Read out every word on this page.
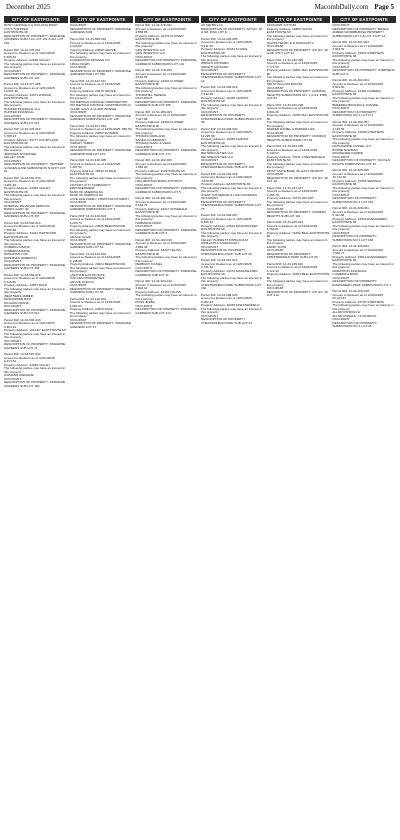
December 2025	MacombDaily.com Page 5
CITY OF EASTPOINTE
BUSH GEORGE C & HAILLING BUSH
17070 TOEPFER
EASTPOINTE MI
DESCRIPTION OF PROPERTY: PARADISE GARDENS SUB N 1/2 LOT 101 & ALL LOT 102

Parcel ID#: 14-34-476-001
Amount to Redeem as of 12/01/2025: 6,465.10
Property Address: 23690 VALLEY
The following parties may have an interest in this property:
OCCUPANT
DESCRIPTION OF PROPERTY: PARADISE GARDENS SUB LOT 143
Parcel ID#: 14-34-477-006
Amount to Redeem as of 12/01/2025: 10,597.36
Property Address: 24074 WOMAN EASTPOINTE MI
The following parties may have an interest in this property:
HUNTER FINANCIAL LLC
HUNTER FINANCIAL
OCCUPANT
DESCRIPTION OF PROPERTY: PARADISE GARDENS SUB LOT 214
Parcel ID#: 14-34-479-012
Amount to Redeem as of 12/01/2025: 3,788.23
Property Address: 23777 COURTLAND EASTPOINTE MI
The following parties may have an interest in this property:
JEFFRIES SHAMATEE
KELLEY JUNE
OCCUPANT
DESCRIPTION OF PROPERTY: TEPPERT GOLDEN GATE SUBDIVISION N 40 FT LOT 91
Parcel ID#: 14-34-501-030
Amount to Redeem as of 12/01/2025: 4,291.45
Property Address: 24465 VALLEY EASTPOINTE MI
The following parties may have an interest in this property:
OCCUPANT
INTERNAL REVENUE SERVICE
BANKS GARY JR
DESCRIPTION OF PROPERTY: PARADISE GARDENS SUB LOT 337
Parcel ID#: 14-34-502-013
Amount to Redeem as of 12/01/2025: 7,468.89
Property Address: 24421 HARTFORD EASTPOINTE MI
The following parties may have an interest in this property:
COMERICA BANK
COMERICA BANK
MONAHAN LOIS
MONAHAN ROBERT D
OCCUPANT
DESCRIPTION OF PROPERTY: PARADISE GARDENS SUB LOT 348
Parcel ID#: 14-34-503-019
Amount to Redeem as of 12/01/2025: 3,115.66
Property Address: 24597 DALE
The following parties may have an interest in this property:
WEATHERS AMBER
MCWHIRTER RICK
HILLMAN FRANK
OCCUPANT
DESCRIPTION OF PROPERTY: PARADISE GARDENS SUB LOT 512
Parcel ID#: 14-34-506-018
Amount to Redeem as of 12/01/2025: 3,904.12
Property Address: VALLEY EASTPOINTE MI
The following parties may have an interest in this property:
OCCUPANT
DESCRIPTION OF PROPERTY: PARADISE GARDENS SUB LOT 71
Parcel ID#: 14-34-507-020
Amount to Redeem as of 12/01/2025: 9,214.52
Property Address: 24669 VALLEY
The following parties may have an interest in this property:
HAIMANN DARLENE
OCCUPANT
DESCRIPTION OF PROPERTY: PARADISE GARDENS SUB LOT 160
CITY OF EASTPOINTE
OCCUPANT
DESCRIPTION OF PROPERTY: PARADISE GARDENS SUB

Parcel ID#: 14-34-506-010
Amount to Redeem as of 12/01/2025: 5,224.80
Property Address: 24599 GROVE
The following parties may have an interest in this property:
FOUNDATION FINANCE CO
KRULL DAWN
OCCUPANT
DESCRIPTION OF PROPERTY: PARADISE GARDENS SUB LOT 390
Parcel ID#: 14-34-127-011
Amount to Redeem as of 12/01/2025: 8,411.22
Property Address: 24578 GROVE
The following parties may have an interest in this property:
HOUSEHOLD FINANCE CORPORATION
HOUSEHOLD FINANCE CORPORATION III
CLARK GARY & CLARK BONNIE
OCCUPANT
DESCRIPTION OF PROPERTY: PARADISE GARDENS SUBDIVISION LOT 136
Parcel ID#: 14-34-127-019
Amount to Redeem as of 12/01/2025: 860.50
Property Address: 24652 FLOWER
The following parties may have an interest in this property:
HARVEY TAMMY
OCCUPANT
DESCRIPTION OF PROPERTY: PARADISE GARDENS SUB LOT 149
Parcel ID#: 14-34-128-005
Amount to Redeem as of 12/01/2025: 3,287.52
Property Address: 15540 10 MILE EASTPOINTE MI
The following parties may have an interest in this property:
VICTORY CITY COMMUNITY EMPOWERMENT
BANK OF AMERICA NA
BANK OF AMERICA NA
LOVE LIFE FAMILY CHRISTIAN CHURCH
OCCUPANT
DESCRIPTION OF PROPERTY: PARADISE GARDENS SUBDIVISION LOT 1
Parcel ID#: 14-34-128-022
Amount to Redeem as of 12/01/2025: 6,220.74
Property Address: 24625 BEECHWOOD
The following parties may have an interest in this property:
GRACE OLIVE
OCCUPANT
DESCRIPTION OF PROPERTY: PARADISE GARDENS SUB LOT 51
Parcel ID#: 14-34-130-001
Amount to Redeem as of 12/01/2025: 9,145.06
Property Address: 24624 BEECHWOOD
The following parties may have an interest in this property:
LAETHAM EASTPOINTE
HUD DEV PROPERTIES
GROVE LINDA R
OCCUPANT
DESCRIPTION OF PROPERTY: PARADISE GARDENS SUB LOT 60
Parcel ID#: 14-34-140-001
Amount to Redeem as of 12/01/2025: 2,004.22
Property Address: 24629 DALE
The following parties may have an interest in this property:
OCCUPANT
DESCRIPTION OF PROPERTY: PARADISE GARDENS LOT 47
CITY OF EASTPOINTE
Parcel ID#: 14-34-176-001
Amount to Redeem as of 12/01/2025: 4,558.85
Property Address: 24375 FLOWER EASTPOINTE MI
The following parties may have an interest in this property:
QDS INVESTCO LLC
QDS INVESTCO LLC
OCCUPANT
DESCRIPTION OF PROPERTY: PARADISE GARDENS SUBDIVISION LOT 101
Parcel ID#: 14-34-178-004
Amount to Redeem as of 12/01/2025: 4,120.55
Property Address: 24491 FLOWER EASTPOINTE MI
The following parties may have an interest in this property:
THORNHILL TERESA
OCCUPANT
DESCRIPTION OF PROPERTY: PARADISE GARDENS SUB LOT 285
Parcel ID#: 14-34-180-003
Amount to Redeem as of 12/01/2025: 7,447.88
Property Address: 24502 FLOWER EASTPOINTE MI
The following parties may have an interest in this property:
THOMAS KIRKLAND
SANELLO DEBORAH
THOMAS ISAAC & VERA
OCCUPANT
DESCRIPTION OF PROPERTY: PARADISE GARDENS SUB LOT 471
Parcel ID#: 14-34-182-000
Amount to Redeem as of 12/01/2025: 1,950.00
Property Address: EASTPOINTE MI
The following parties may have an interest in this property:
HALLIBURTON MARK ANTHONY
OCCUPANT
DESCRIPTION OF PROPERTY: PARADISE GARDENS SUBDIVISION LOT 5
Parcel ID#: 14-34-181-000
Amount to Redeem as of 12/01/2025: 6,188.79
Property Address: 24417 ROSEDALE EASTPOINTE MI
The following parties may have an interest in this property:
HAMMONS DAVID
OCCUPANT
DESCRIPTION OF PROPERTY: PARADISE GARDENS SUB LOT 2
Parcel ID#: 14-34-182-016
Amount to Redeem as of 12/01/2025: 3,890.48
Property Address: 18227 HAUSS EASTPOINTE MI
The following parties may have an interest in this property:
PEMBURY DANIEL
OCCUPANT
DESCRIPTION OF PROPERTY: PARADISE GARDENS SUB LOT 11
Parcel ID#: 14-34-204-010
Amount to Redeem as of 12/01/2025: 4,902.10
Property Address: 18164 HAUSS
The following parties may have an interest in this property:
ROSS JEWEL
OCCUPANT
DESCRIPTION OF PROPERTY: PARADISE GARDENS SUB LOT 214
CITY OF EASTPOINTE
AK KELBO LLC
DESCRIPTION OF PROPERTY: A/P NO. 35 (L/28, P/42) LOT 9
Parcel ID#: 14-34-203-005
Amount to Redeem as of 12/01/2025: 5,911.40
Property Address: 16444 10 MILE EASTPOINTE MI
The following parties may have an interest in this property:
WRIGHT RICHARD
WRIGHT RICHARD
OCCUPANT
DESCRIPTION OF PROPERTY: CHESTERFIELD PARK SUBDIVISION LOT 12
Parcel ID#: 14-34-203-016
Amount to Redeem as of 12/01/2025: 3,542.89
Property Address: 16466 ALMONT EASTPOINTE MI
The following parties may have an interest in this property:
OCCUPANT
DESCRIPTION OF PROPERTY: CHESTERFIELD PARK SUBDIVISION LOT 48
Parcel ID#: 14-34-203-024
Amount to Redeem as of 12/01/2025: 11,225.08
Property Address: 24465 ALMONT EASTPOINTE MI
The following parties may have an interest in this property:
REI SPECIALTIES LLC
REI SPECIALTIES LLC
OCCUPANT
DESCRIPTION OF PROPERTY: CHESTERFIELD PARK SUB LOT 108
Parcel ID#: 14-34-203-018
Amount to Redeem as of 12/01/2025: 3,870.55
Property Address: EASTPOINTE MI
The following parties may have an interest in this property:
STANT CATHERINE & LISA GOODMAN
OCCUPANT
DESCRIPTION OF PROPERTY: CHESTERFIELD PARK SUBDIVISION LOT 75
Parcel ID#: 14-34-204-007
Amount to Redeem as of 12/01/2025: 8,466.33
Property Address: 24533 MANCHESTER EASTPOINTE MI
The following parties may have an interest in this property:
KELLEY BURDETT KISHAANA M
MIHELICH & KAVANAUGH
OCCUPANT
DESCRIPTION OF PROPERTY: CHESTERFIELD PARK SUB LOT 92
Parcel ID#: 14-34-207-010
Amount to Redeem as of 12/01/2025: 3,701.62
Property Address: 24470 MANCHESTER EASTPOINTE MI
The following parties may have an interest in this property:
CHESTERFIELD PARK SUBDIVISION LOT 160
Parcel ID#: 14-34-208-026
Amount to Redeem as of 12/01/2025: 6,052.43
Property Address: 16469 CHESTERFIELD
The following parties may have an interest in this property:
OCCUPANT
DESCRIPTION OF PROPERTY: CHESTERFIELD PARK SUB LOT 44
CITY OF EASTPOINTE
12/01/2025: 6,570.89
Property Address: 16880 HAUSS EASTPOINTE MI
The following parties may have an interest in this property:
HAUSS HENRY E & RUDOLPH C
OCCUPANT
DESCRIPTION OF PROPERTY: A/P NO. 25 (L/28, P/57) LOT 44
Parcel ID#: 14-34-232-025
Amount to Redeem as of 12/01/2025: 7,771.50
Property Address: 16801 MAY EASTPOINTE MI
The following parties may have an interest in this property:
SMITH WILLIAM ESTATE
OCCUPANT
DESCRIPTION OF PROPERTY: DOMINIQ HEIGHTS SUBDIVISION NO. 1 (L/31, P/85) LOT 84
Parcel ID#: 14-34-232-028
Amount to Redeem as of 12/01/2025: 4,001.26
Property Address: 16785 MAY EASTPOINTE MI
The following parties may have an interest in this property:
PARKER DANIEL & PARKER LIZA
OCCUPANT
DESCRIPTION OF PROPERTY: DOMINIQ HEIGHTS SUBDIVISION LOT 81
Parcel ID#: 14-34-233-030
Amount to Redeem as of 12/01/2025: 5,140.67
Property Address: 16731 CHESTERFIELD EASTPOINTE MI
The following parties may have an interest in this property:
FIRST STATE BANK OF EAST DETROIT
OCCUPANT
DESCRIPTION OF PROPERTY: A/P NO. 25 LOT 18
Parcel ID#: 14-34-233-047
Amount to Redeem as of 12/01/2025: 4,455.78
Property Address: 16713 VACANT
The following parties may have an interest in this property:
OCCUPANT
DESCRIPTION OF PROPERTY: DOMINIQ HEIGHTS SUB LOT 101
Parcel ID#: 14-34-235-014
Amount to Redeem as of 12/01/2025: 4,764.81
Property Address: 16152 BELL EASTPOINTE MI
The following parties may have an interest in this property:
LARRY JOHN
OCCUPANT
DESCRIPTION OF PROPERTY: CHESTERFIELD PARK SUB LOT 69
Parcel ID#: 14-34-235-022
Amount to Redeem as of 12/01/2025: 3,122.40
Property Address: 16253 BELL EASTPOINTE MI
The following parties may have an interest in this property:
OCCUPANT
DESCRIPTION OF PROPERTY: A/P NO. 25 LOT 210
CITY OF EASTPOINTE
OCCUPANT
DESCRIPTION OF PROPERTY: BRAKE ANMER WOODBRIDGE PROPERTY SUBDIVISION LOT 1 & LOT 3 LOT 14
Parcel ID#: 14-34-301-003
Amount to Redeem as of 12/01/2025: 4,604.32
Property Address: 15963 STEPHENS EASTPOINTE MI
The following parties may have an interest in this property:
OCCUPANT
DESCRIPTION OF PROPERTY: STEPHENS SUB LOT 6
Parcel ID#: 14-34-302-004
Amount to Redeem as of 12/01/2025: 6,901.60
Property Address: 15482 CAMDEN EASTPOINTE MI
The following parties may have an interest in this property:
BREEDEN BRIANNA & JOANNE
OCCUPANT
DESCRIPTION OF PROPERTY: SUBDIVISION NO 1 LOT 171
Parcel ID#: 14-34-302-007
Amount to Redeem as of 12/01/2025: 4,146.54
Property Address: 15688 STEPHENS EASTPOINTE MI
The following parties may have an interest in this property:
NATIONWIDE CASSEL LLC
BYRNE NORMAN
MACKENZIE CARRIE
OCCUPANT
DESCRIPTION OF PROPERTY: NICOLAI ESTATE SUBDIVISION LOT 33
Parcel ID#: 14-34-326-005
Amount to Redeem as of 12/01/2025: 10,743.30
Property Address: 15456 SEMINAU EASTPOINTE MI
The following parties may have an interest in this property:
OCCUPANT
DESCRIPTION OF PROPERTY: SUBDIVISION NO 1 LOT 242
Parcel ID#: 14-34-328-001
Amount to Redeem as of 12/01/2025: 5,411.88
Property Address: 15504 EVERGREEN EASTPOINTE MI
The following parties may have an interest in this property:
OCCUPANT
DESCRIPTION OF PROPERTY: SUBDIVISION NO 1 LOT 183
Parcel ID#: 14-34-329-003
Amount to Redeem as of 12/01/2025: 7,032.77
Property Address: 15814 EVERGREEN EASTPOINTE MI
The following parties may have an interest in this property:
MARATHON FINANCIAL
COMERICA BANK
OCCUPANT
DESCRIPTION OF PROPERTY: EVERGREEN PARK SUBDIVISION LOT 7
Parcel ID#: 14-34-329-018
Amount to Redeem as of 12/01/2025: 22,123.97
Property Address: 15703 STEPHENS
The following parties may have an interest in this property:
ALLOR PATRICIA E
ALLOR RONALD J & PATRICIA
OCCUPANT
DESCRIPTION OF PROPERTY: SUBDIVISION NO 1 LOT 46
